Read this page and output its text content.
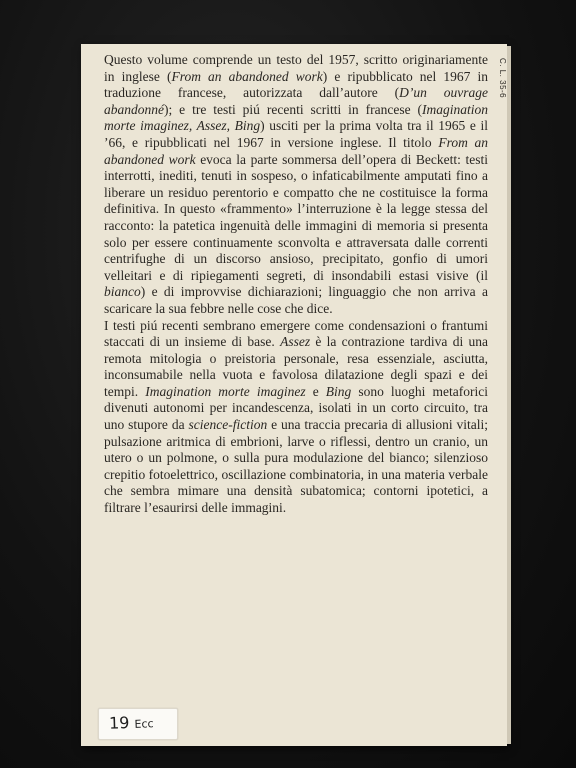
Questo volume comprende un testo del 1957, scritto originariamente in inglese (From an abandoned work) e ripubblicato nel 1967 in traduzione francese, autorizzata dall’autore (D’un ouvrage abandonné); e tre testi piú recenti scritti in francese (Imagination morte imaginez, Assez, Bing) usciti per la prima volta tra il 1965 e il ’66, e ripubblicati nel 1967 in versione inglese. Il titolo From an abandoned work evoca la parte sommersa dell’opera di Beckett: testi interrotti, inediti, tenuti in sospeso, o infaticabilmente amputati fino a liberare un residuo perentorio e compatto che ne costituisce la forma definitiva. In questo «frammento» l’interruzione è la legge stessa del racconto: la patetica ingenuità delle immagini di memoria si presenta solo per essere continuamente sconvolta e attraversata dalle correnti centrifughe di un discorso ansioso, precipitato, gonfio di umori velleitari e di ripiegamenti segreti, di insondabili estasi visive (il bianco) e di improvvise dichiarazioni; linguaggio che non arriva a scaricare la sua febbre nelle cose che dice.

I testi piú recenti sembrano emergere come condensazioni o frantumi staccati di un insieme di base. Assez è la contrazione tardiva di una remota mitologia o preistoria personale, resa essenziale, asciutta, inconsumabile nella vuota e favolosa dilatazione degli spazi e dei tempi. Imagination morte imaginez e Bing sono luoghi metaforici divenuti autonomi per incandescenza, isolati in un corto circuito, tra uno stupore da science-fiction e una traccia precaria di allusioni vitali; pulsazione aritmica di embrioni, larve o riflessi, dentro un cranio, un utero o un polmone, o sulla pura modulazione del bianco; silenzioso crepitio fotoelettrico, oscillazione combinatoria, in una materia verbale che sembra mimare una densità subatomica; contorni ipotetici, a filtrare l’esaurirsi delle immagini.

C. L. 35-6
19 Ecc
